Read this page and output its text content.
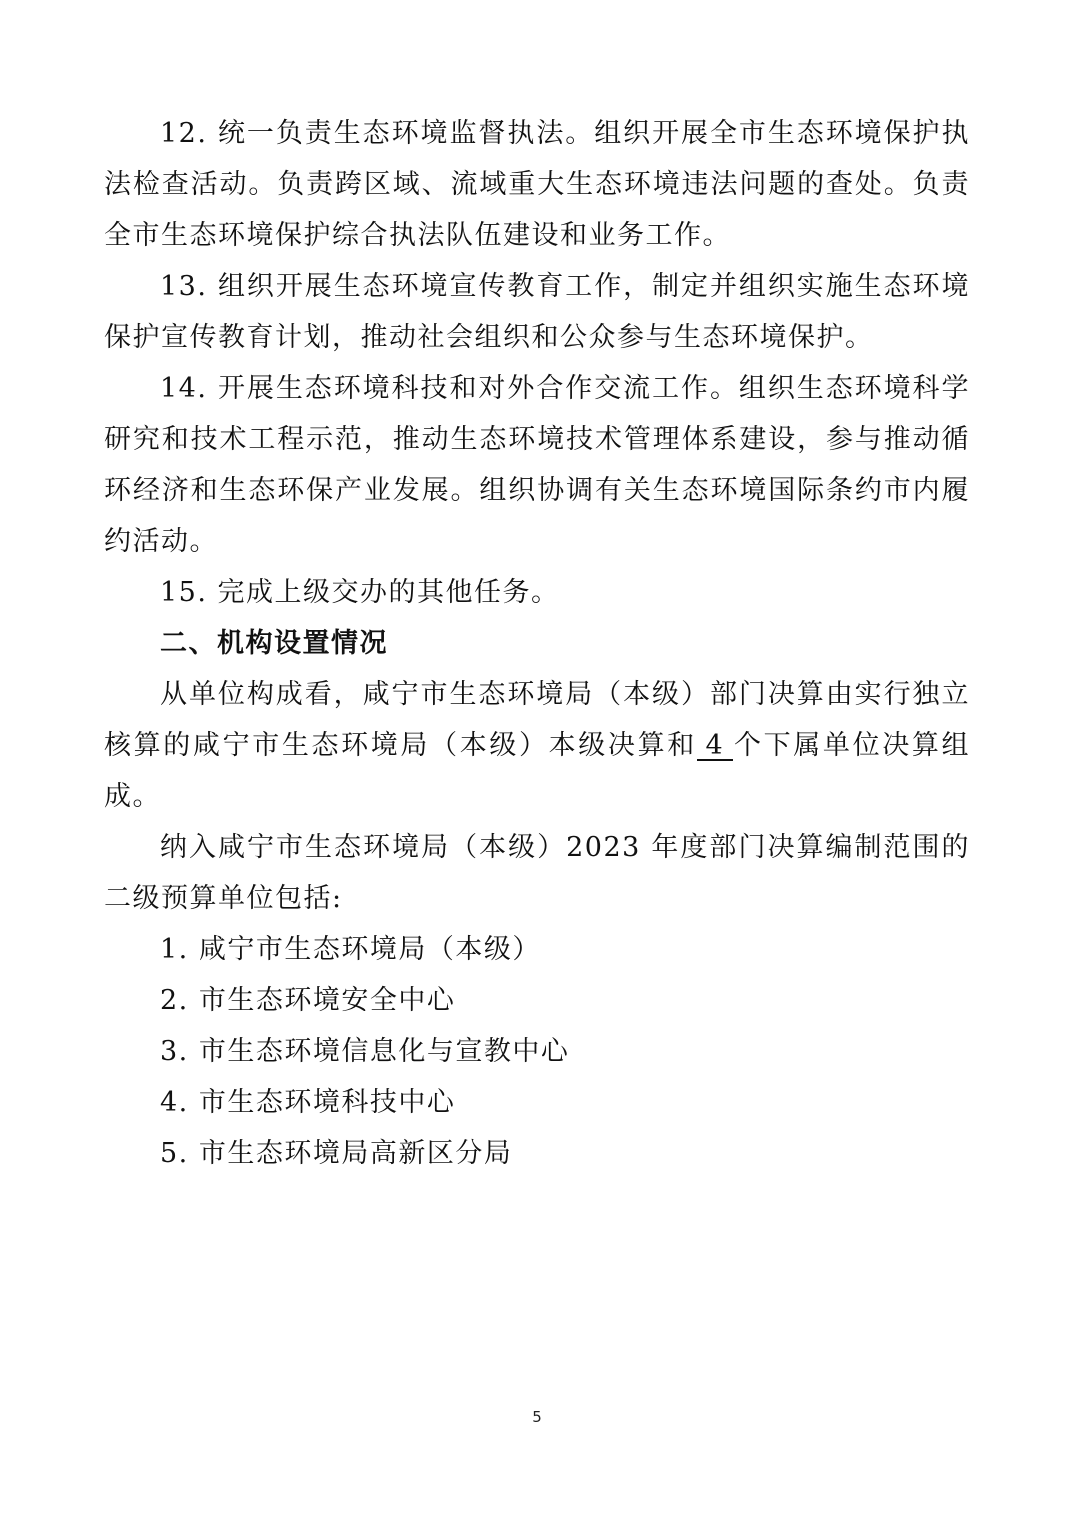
12. 统一负责生态环境监督执法。组织开展全市生态环境保护执法检查活动。负责跨区域、流域重大生态环境违法问题的查处。负责全市生态环境保护综合执法队伍建设和业务工作。

13. 组织开展生态环境宣传教育工作，制定并组织实施生态环境保护宣传教育计划，推动社会组织和公众参与生态环境保护。

14. 开展生态环境科技和对外合作交流工作。组织生态环境科学研究和技术工程示范，推动生态环境技术管理体系建设，参与推动循环经济和生态环保产业发展。组织协调有关生态环境国际条约市内履约活动。

15. 完成上级交办的其他任务。

二、机构设置情况

从单位构成看，咸宁市生态环境局（本级）部门决算由实行独立核算的咸宁市生态环境局（本级）本级决算和 4 个下属单位决算组成。

纳入咸宁市生态环境局（本级）2023 年度部门决算编制范围的二级预算单位包括:

1. 咸宁市生态环境局（本级）

2. 市生态环境安全中心

3. 市生态环境信息化与宣教中心

4. 市生态环境科技中心

5. 市生态环境局高新区分局

5
